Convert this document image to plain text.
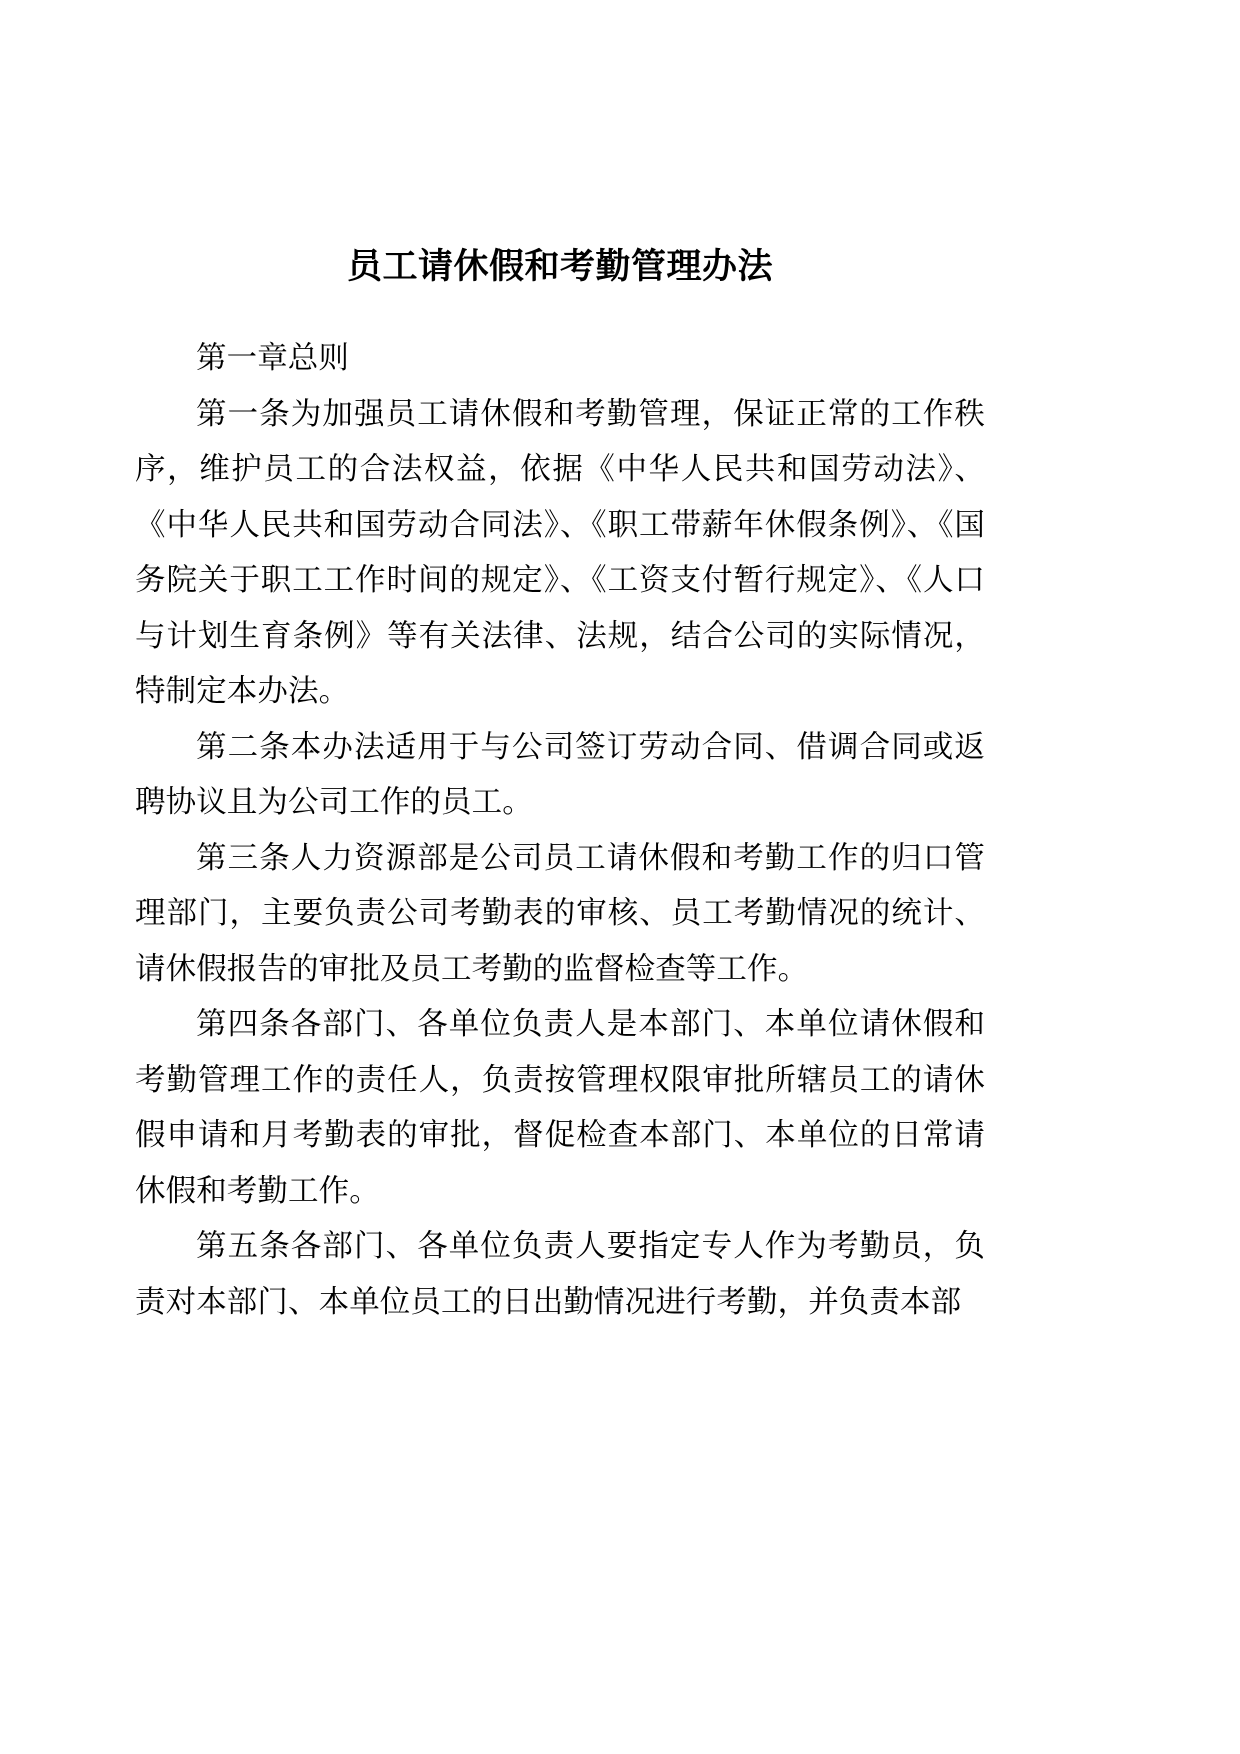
员工请休假和考勤管理办法

第一章总则

第一条为加强员工请休假和考勤管理，保证正常的工作秩序，维护员工的合法权益，依据《中华人民共和国劳动法》、《中华人民共和国劳动合同法》、《职工带薪年休假条例》、《国务院关于职工工作时间的规定》、《工资支付暂行规定》、《人口与计划生育条例》等有关法律、法规，结合公司的实际情况，特制定本办法。

第二条本办法适用于与公司签订劳动合同、借调合同或返聘协议且为公司工作的员工。

第三条人力资源部是公司员工请休假和考勤工作的归口管理部门，主要负责公司考勤表的审核、员工考勤情况的统计、请休假报告的审批及员工考勤的监督检查等工作。

第四条各部门、各单位负责人是本部门、本单位请休假和考勤管理工作的责任人，负责按管理权限审批所辖员工的请休假申请和月考勤表的审批，督促检查本部门、本单位的日常请休假和考勤工作。

第五条各部门、各单位负责人要指定专人作为考勤员，负责对本部门、本单位员工的日出勤情况进行考勤，并负责本部
